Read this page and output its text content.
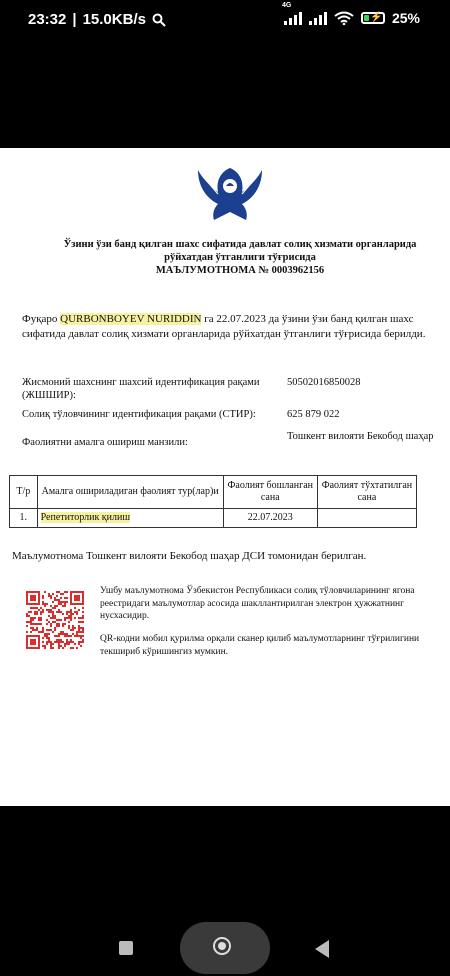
23:32 | 15.0KB/s
4G
⚡ 25%
Ўзини ўзи банд қилган шахс сифатида давлат солиқ хизмати органларида
рўйхатдан ўтганлиги тўғрисида
МАЪЛУМОТНОМА № 0003962156
Фуқаро QURBONBOYEV NURIDDIN га 22.07.2023 да ўзини ўзи банд қилган шахс сифатида давлат солиқ хизмати органларида рўйхатдан ўтганлиги тўғрисида берилди.
Жисмоний шахснинг шахсий идентификация рақами (ЖШШИР):
50502016850028
Солиқ тўловчининг идентификация рақами (СТИР):	625 879 022
Фаолиятни амалга ошириш манзили:
Тошкент вилояти Бекобод шаҳар
Т/р	Амалга ошириладиган фаолият тур(лар)и	Фаолият бошланган сана	Фаолият тўхтатилган сана
1.	Репетиторлик қилиш	22.07.2023	
Маълумотнома Тошкент вилояти Бекобод шаҳар ДСИ томонидан берилган.
Ушбу маълумотнома Ўзбекистон Республикаси солиқ тўловчиларининг ягона реестридаги маълумотлар асосида шакллантирилган электрон ҳужжатнинг нусхасидир.
QR-кодни мобил қурилма орқали сканер қилиб маълумотларнинг тўғрилигини текшириб кўришингиз мумкин.
